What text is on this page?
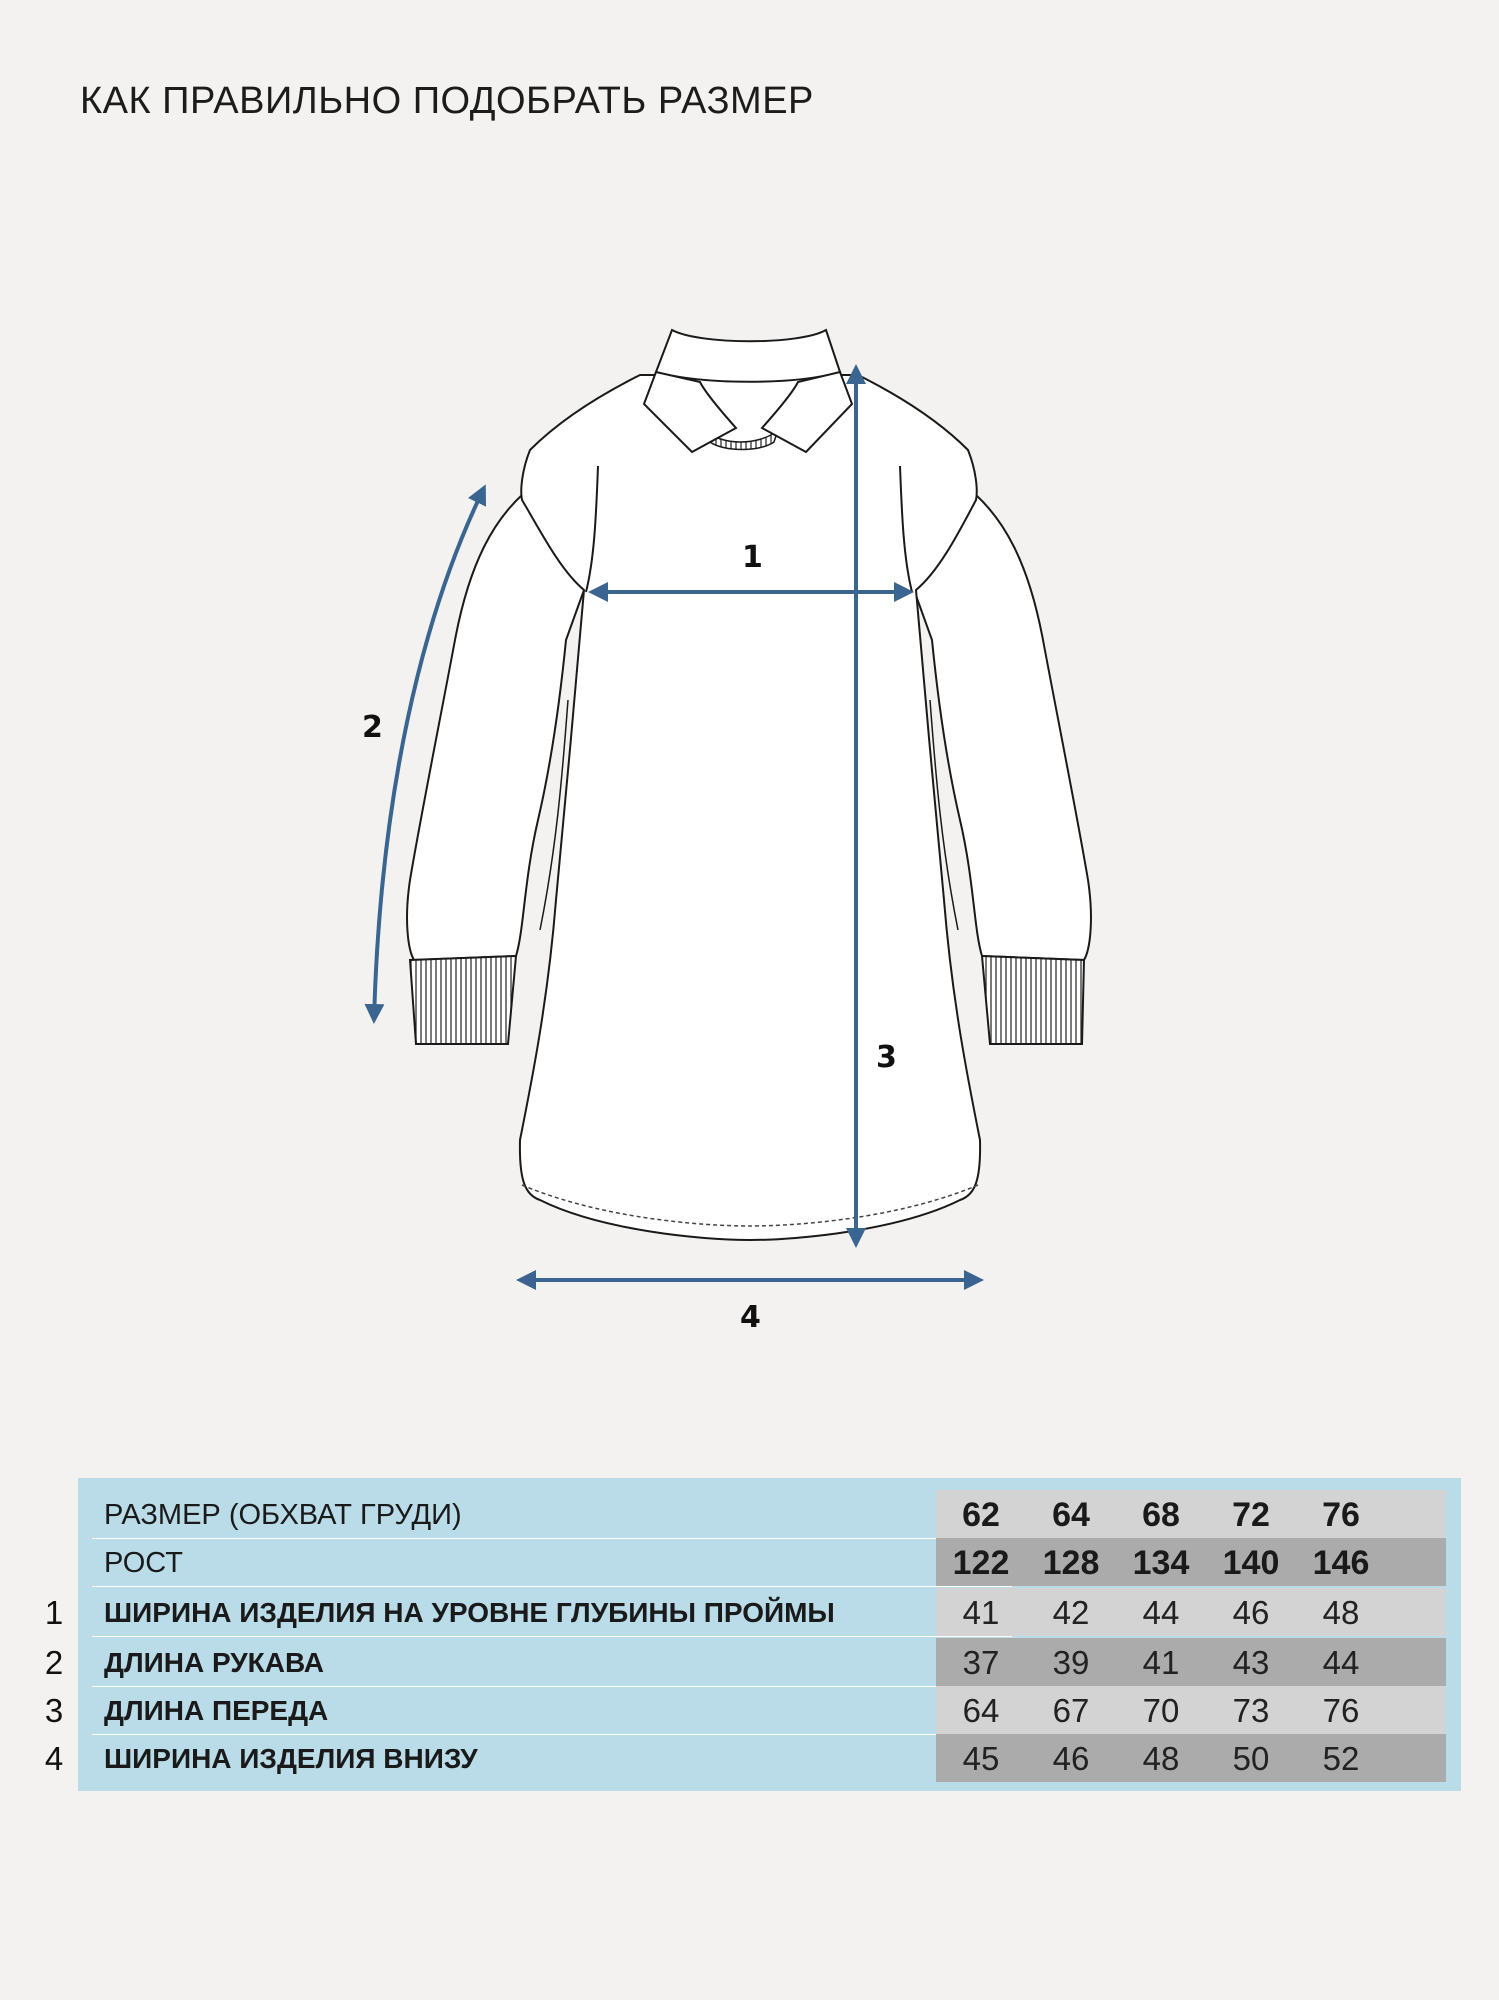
КАК ПРАВИЛЬНО ПОДОБРАТЬ РАЗМЕР
1
2
3
4
РАЗМЕР (ОБХВАТ ГРУДИ)	62	64	68	72	76
РОСТ	122 128 134 140 146
ШИРИНА ИЗДЕЛИЯ НА УРОВНЕ ГЛУБИНЫ ПРОЙМЫ	41	42	44	46	48
ДЛИНА РУКАВА	37	39	41	43	44
ДЛИНА ПЕРЕДА	64	67	70	73	76
ШИРИНА ИЗДЕЛИЯ ВНИЗУ	45	46	48	50	52
1
2
3
4
